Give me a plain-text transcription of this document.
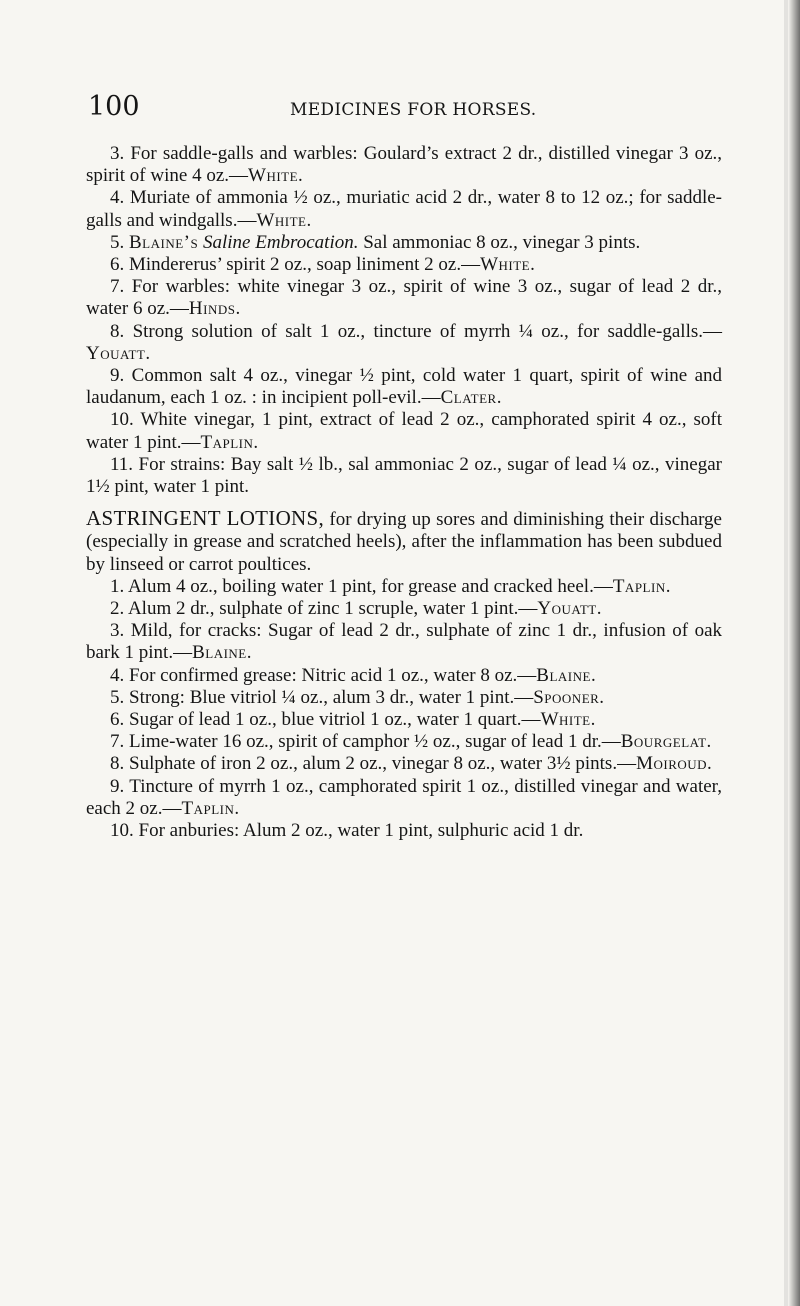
100	MEDICINES FOR HORSES.

3. For saddle-galls and warbles: Goulard’s extract 2 dr., distilled vinegar 3 oz., spirit of wine 4 oz.—White.

4. Muriate of ammonia ½ oz., muriatic acid 2 dr., water 8 to 12 oz.; for saddle-galls and windgalls.—White.

5. Blaine’s Saline Embrocation. Sal ammoniac 8 oz., vinegar 3 pints.

6. Mindererus’ spirit 2 oz., soap liniment 2 oz.—White.

7. For warbles: white vinegar 3 oz., spirit of wine 3 oz., sugar of lead 2 dr., water 6 oz.—Hinds.

8. Strong solution of salt 1 oz., tincture of myrrh ¼ oz., for saddle-galls.—Youatt.

9. Common salt 4 oz., vinegar ½ pint, cold water 1 quart, spirit of wine and laudanum, each 1 oz. : in incipient poll-evil.—Clater.

10. White vinegar, 1 pint, extract of lead 2 oz., camphorated spirit 4 oz., soft water 1 pint.—Taplin.

11. For strains: Bay salt ½ lb., sal ammoniac 2 oz., sugar of lead ¼ oz., vinegar 1½ pint, water 1 pint.

ASTRINGENT LOTIONS, for drying up sores and diminishing their discharge (especially in grease and scratched heels), after the inflammation has been subdued by linseed or carrot poultices.

1. Alum 4 oz., boiling water 1 pint, for grease and cracked heel.—Taplin.

2. Alum 2 dr., sulphate of zinc 1 scruple, water 1 pint.—Youatt.

3. Mild, for cracks: Sugar of lead 2 dr., sulphate of zinc 1 dr., infusion of oak bark 1 pint.—Blaine.

4. For confirmed grease: Nitric acid 1 oz., water 8 oz.—Blaine.

5. Strong: Blue vitriol ¼ oz., alum 3 dr., water 1 pint.—Spooner.

6. Sugar of lead 1 oz., blue vitriol 1 oz., water 1 quart.—White.

7. Lime-water 16 oz., spirit of camphor ½ oz., sugar of lead 1 dr.—Bourgelat.

8. Sulphate of iron 2 oz., alum 2 oz., vinegar 8 oz., water 3½ pints.—Moiroud.

9. Tincture of myrrh 1 oz., camphorated spirit 1 oz., distilled vinegar and water, each 2 oz.—Taplin.

10. For anburies: Alum 2 oz., water 1 pint, sulphuric acid 1 dr.
